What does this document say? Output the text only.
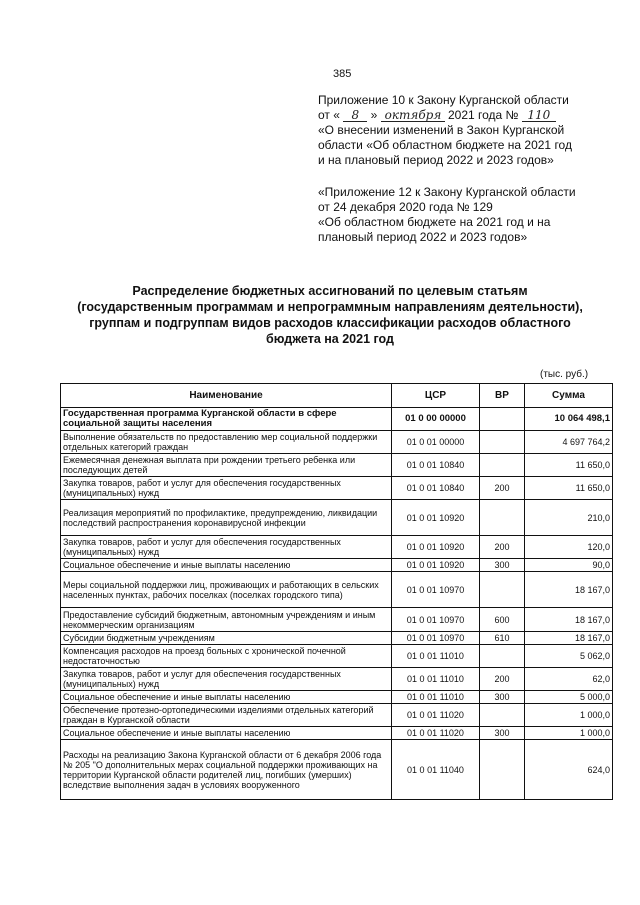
385
Приложение 10 к Закону Курганской области
от « 8 » октября 2021 года № 110
«О внесении изменений в Закон Курганской
области «Об областном бюджете на 2021 год
и на плановый период 2022 и 2023 годов»
«Приложение 12 к Закону Курганской области
от 24 декабря 2020 года № 129
«Об областном бюджете на 2021 год и на
плановый период 2022 и 2023 годов»
Распределение бюджетных ассигнований по целевым статьям
(государственным программам и непрограммным направлениям деятельности),
группам и подгруппам видов расходов классификации расходов областного
бюджета на 2021 год
(тыс. руб.)
Наименование	ЦСР	ВР	Сумма
Государственная программа Курганской области в сфере социальной защиты населения	01 0 00 00000		10 064 498,1
Выполнение обязательств по предоставлению мер социальной поддержки отдельных категорий граждан	01 0 01 00000		4 697 764,2
Ежемесячная денежная выплата при рождении третьего ребенка или последующих детей	01 0 01 10840		11 650,0
Закупка товаров, работ и услуг для обеспечения государственных (муниципальных) нужд	01 0 01 10840	200	11 650,0
Реализация мероприятий по профилактике, предупреждению, ликвидации последствий распространения коронавирусной инфекции	01 0 01 10920		210,0
Закупка товаров, работ и услуг для обеспечения государственных (муниципальных) нужд	01 0 01 10920	200	120,0
Социальное обеспечение и иные выплаты населению	01 0 01 10920	300	90,0
Меры социальной поддержки лиц, проживающих и работающих в сельских населенных пунктах, рабочих поселках (поселках городского типа)	01 0 01 10970		18 167,0
Предоставление субсидий бюджетным, автономным учреждениям и иным некоммерческим организациям	01 0 01 10970	600	18 167,0
Субсидии бюджетным учреждениям	01 0 01 10970	610	18 167,0
Компенсация расходов на проезд больных с хронической почечной недостаточностью	01 0 01 11010		5 062,0
Закупка товаров, работ и услуг для обеспечения государственных (муниципальных) нужд	01 0 01 11010	200	62,0
Социальное обеспечение и иные выплаты населению	01 0 01 11010	300	5 000,0
Обеспечение протезно-ортопедическими изделиями отдельных категорий граждан в Курганской области	01 0 01 11020		1 000,0
Социальное обеспечение и иные выплаты населению	01 0 01 11020	300	1 000,0
Расходы на реализацию Закона Курганской области от 6 декабря 2006 года № 205 "О дополнительных мерах социальной поддержки проживающих на территории Курганской области родителей лиц, погибших (умерших) вследствие выполнения задач в условиях вооруженного	01 0 01 11040		624,0
